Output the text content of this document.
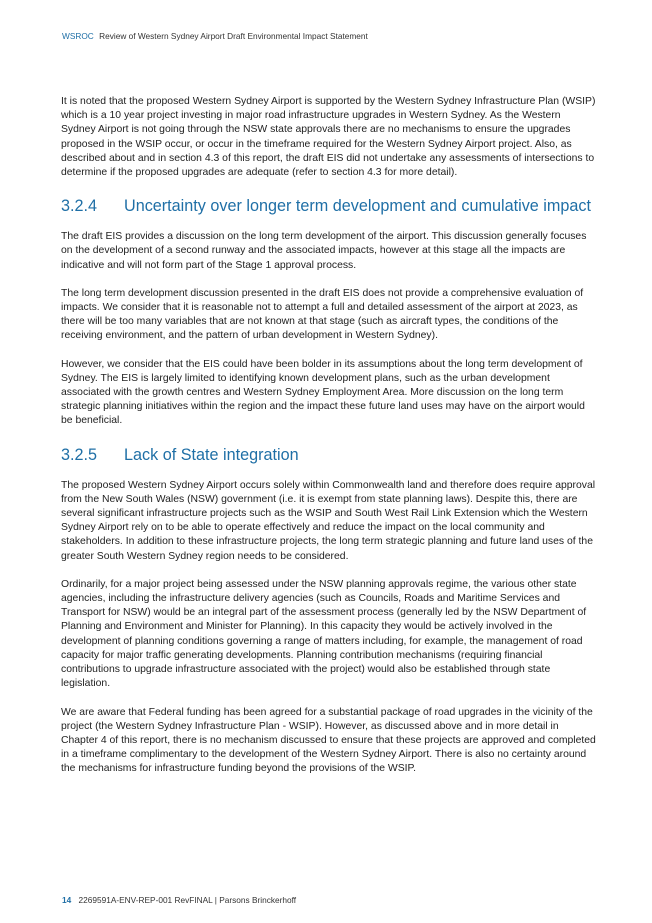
WSROC Review of Western Sydney Airport Draft Environmental Impact Statement

It is noted that the proposed Western Sydney Airport is supported by the Western Sydney Infrastructure Plan (WSIP) which is a 10 year project investing in major road infrastructure upgrades in Western Sydney. As the Western Sydney Airport is not going through the NSW state approvals there are no mechanisms to ensure the upgrades proposed in the WSIP occur, or occur in the timeframe required for the Western Sydney Airport project. Also, as described about and in section 4.3 of this report, the draft EIS did not undertake any assessments of intersections to determine if the proposed upgrades are adequate (refer to section 4.3 for more detail).

3.2.4 Uncertainty over longer term development and cumulative impact

The draft EIS provides a discussion on the long term development of the airport. This discussion generally focuses on the development of a second runway and the associated impacts, however at this stage all the impacts are indicative and will not form part of the Stage 1 approval process.

The long term development discussion presented in the draft EIS does not provide a comprehensive evaluation of impacts. We consider that it is reasonable not to attempt a full and detailed assessment of the airport at 2023, as there will be too many variables that are not known at that stage (such as aircraft types, the conditions of the receiving environment, and the pattern of urban development in Western Sydney).

However, we consider that the EIS could have been bolder in its assumptions about the long term development of Sydney. The EIS is largely limited to identifying known development plans, such as the urban development associated with the growth centres and Western Sydney Employment Area. More discussion on the long term strategic planning initiatives within the region and the impact these future land uses may have on the airport would be beneficial.

3.2.5 Lack of State integration

The proposed Western Sydney Airport occurs solely within Commonwealth land and therefore does require approval from the New South Wales (NSW) government (i.e. it is exempt from state planning laws). Despite this, there are several significant infrastructure projects such as the WSIP and South West Rail Link Extension which the Western Sydney Airport rely on to be able to operate effectively and reduce the impact on the local community and stakeholders. In addition to these infrastructure projects, the long term strategic planning and future land uses of the greater South Western Sydney region needs to be considered.

Ordinarily, for a major project being assessed under the NSW planning approvals regime, the various other state agencies, including the infrastructure delivery agencies (such as Councils, Roads and Maritime Services and Transport for NSW) would be an integral part of the assessment process (generally led by the NSW Department of Planning and Environment and Minister for Planning). In this capacity they would be actively involved in the development of planning conditions governing a range of matters including, for example, the management of road capacity for major traffic generating developments. Planning contribution mechanisms (requiring financial contributions to upgrade infrastructure associated with the project) would also be established through state legislation.

We are aware that Federal funding has been agreed for a substantial package of road upgrades in the vicinity of the project (the Western Sydney Infrastructure Plan - WSIP). However, as discussed above and in more detail in Chapter 4 of this report, there is no mechanism discussed to ensure that these projects are approved and completed in a timeframe complimentary to the development of the Western Sydney Airport. There is also no certainty around the mechanisms for infrastructure funding beyond the provisions of the WSIP.

14 2269591A-ENV-REP-001 RevFINAL | Parsons Brinckerhoff
